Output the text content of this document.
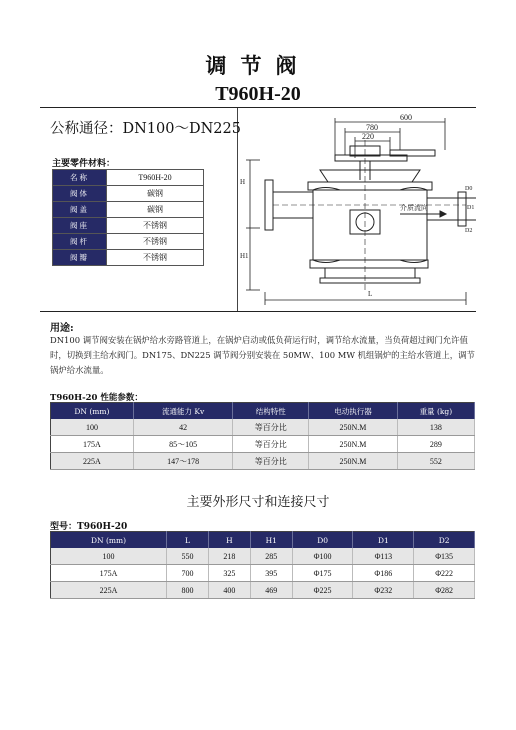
调节阀
T960H-20
公称通径：DN100～DN225
主要零件材料：
名称	T960H-20
阀体	碳钢
阀盖	碳钢
阀座	不锈钢
阀杆	不锈钢
阀瓣	不锈钢
600
780
220
介质流向
H
H1
L
D0
D1
D2
用途:
DN100 调节阀安装在锅炉给水旁路管道上，在锅炉启动或低负荷运行时，调节给水流量，当负荷超过阀门允许值时，切换到主给水阀门。DN175、DN225 调节阀分别安装在 50MW、100 MW 机组锅炉的主给水管道上，调节锅炉给水流量。
T960H-20 性能参数：
DN (mm)	流通能力 Kv	结构特性	电动执行器	重量 (kg)
100	42	等百分比	250N.M	138
175A	85～105	等百分比	250N.M	289
225A	147～178	等百分比	250N.M	552
主要外形尺寸和连接尺寸
型号：T960H-20
DN (mm)	L	H	H1	D0	D1	D2
100	550	218	285	Φ100	Φ113	Φ135
175A	700	325	395	Φ175	Φ186	Φ222
225A	800	400	469	Φ225	Φ232	Φ282
